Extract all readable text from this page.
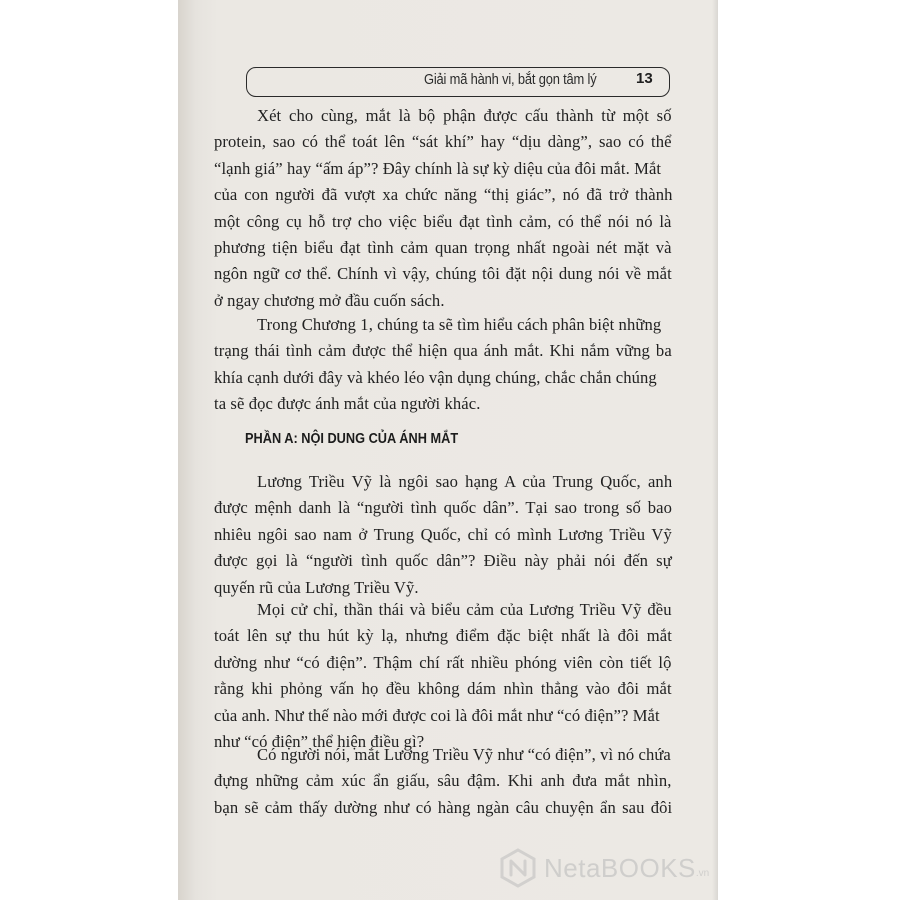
Giải mã hành vi, bắt gọn tâm lý	13
Xét cho cùng, mắt là bộ phận được cấu thành từ một số
protein, sao có thể toát lên “sát khí” hay “dịu dàng”, sao có thể
“lạnh giá” hay “ấm áp”? Đây chính là sự kỳ diệu của đôi mắt. Mắt
của con người đã vượt xa chức năng “thị giác”, nó đã trở thành
một công cụ hỗ trợ cho việc biểu đạt tình cảm, có thể nói nó là
phương tiện biểu đạt tình cảm quan trọng nhất ngoài nét mặt và
ngôn ngữ cơ thể. Chính vì vậy, chúng tôi đặt nội dung nói về mắt
ở ngay chương mở đầu cuốn sách.
Trong Chương 1, chúng ta sẽ tìm hiểu cách phân biệt những
trạng thái tình cảm được thể hiện qua ánh mắt. Khi nắm vững ba
khía cạnh dưới đây và khéo léo vận dụng chúng, chắc chắn chúng
ta sẽ đọc được ánh mắt của người khác.
Lương Triều Vỹ là ngôi sao hạng A của Trung Quốc, anh
được mệnh danh là “người tình quốc dân”. Tại sao trong số bao
nhiêu ngôi sao nam ở Trung Quốc, chỉ có mình Lương Triều Vỹ
được gọi là “người tình quốc dân”? Điều này phải nói đến sự
quyến rũ của Lương Triều Vỹ.
Mọi cử chỉ, thần thái và biểu cảm của Lương Triều Vỹ đều
toát lên sự thu hút kỳ lạ, nhưng điểm đặc biệt nhất là đôi mắt
dường như “có điện”. Thậm chí rất nhiều phóng viên còn tiết lộ
rằng khi phỏng vấn họ đều không dám nhìn thẳng vào đôi mắt
của anh. Như thế nào mới được coi là đôi mắt như “có điện”? Mắt
như “có điện” thể hiện điều gì?
Có người nói, mắt Lương Triều Vỹ như “có điện”, vì nó chứa
đựng những cảm xúc ẩn giấu, sâu đậm. Khi anh đưa mắt nhìn,
bạn sẽ cảm thấy dường như có hàng ngàn câu chuyện ẩn sau đôi
PHẦN A: NỘI DUNG CỦA ÁNH MẮT
NetaBOOKS .vn
